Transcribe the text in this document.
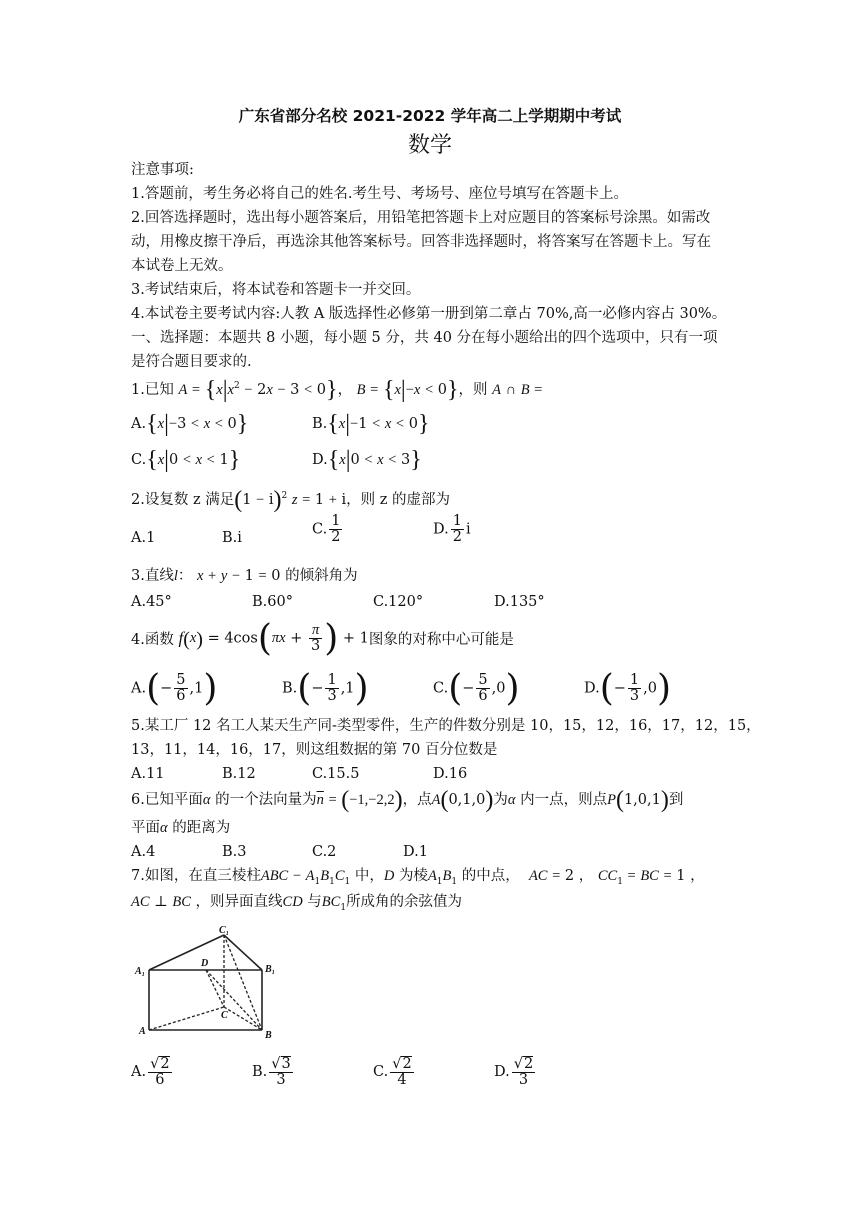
广东省部分名校 2021-2022 学年高二上学期期中考试
数学
注意事项:
1.答题前，考生务必将自己的姓名.考生号、考场号、座位号填写在答题卡上。
2.回答选择题时，选出每小题答案后，用铅笔把答题卡上对应题目的答案标号涂黑。如需改
动，用橡皮擦干净后，再选涂其他答案标号。回答非选择题时，将答案写在答题卡上。写在
本试卷上无效。
3.考试结束后，将本试卷和答题卡一并交回。
4.本试卷主要考试内容:人教 A 版选择性必修第一册到第二章占 70%,高一必修内容占 30%。
一、选择题：本题共 8 小题，每小题 5 分，共 40 分在每小题给出的四个选项中，只有一项
是符合题目要求的.
1.已知 $A = \{x|x^2 - 2x - 3 < 0\}$， B = {x|−x < 0}，则 A ∩ B =
A.{x|−3 < x < 0}	B.{x|−1 < x < 0}
C.{x|0 < x < 1}	D.{x|0 < x < 3}
2.设复数 z 满足$(1 - i)^2$ z = 1 + i，则 z 的虚部为
A.1	B.i
C. $\frac{1}{2}$	D. $\frac{1}{2}$ i
3.直线l： x + y − 1 = 0 的倾斜角为
A.45°	B.60°	C.120°	D.135°
4.函数 $f(x) = 4\cos(\pi x + \frac{\pi}{3}$ ) + 1图象的对称中心可能是
$A.(- \frac{5}{6} ,1)$	$B.(- \frac{1}{3} ,1)$	$C.(- \frac{5}{6} ,0)$	$D.(- \frac{1}{3} ,0)$
5.某工厂 12 名工人某天生产同-类型零件，生产的件数分别是 10，15，12，16，17，12，15，
13，11，14，16，17，则这组数据的第 70 百分位数是
A.11	B.12	C.15.5	D.16
6.已知平面α 的一个法向量为$\overline{n} = (-1,-2,2)$，点A(0,1,0)为α 内一点，则点P(1,0,1)到
平面α 的距离为
A.4	B.3	C.2	D.1
7.如图，在直三棱柱ABC − $A_1B_1C_1$ 中，D 为棱$A_1B_1$ 的中点， AC = 2 ， $CC_1$ = BC = 1 ，
AC ⊥ BC ，则异面直线CD 与$BC_1$所成角的余弦值为
C₁
A₁	B₁
D
C
A	B
A. $\frac{√2}{6}$	B. $\frac{√3}{3}$	C. $\frac{√2}{4}$	D. $\frac{√2}{3}$
